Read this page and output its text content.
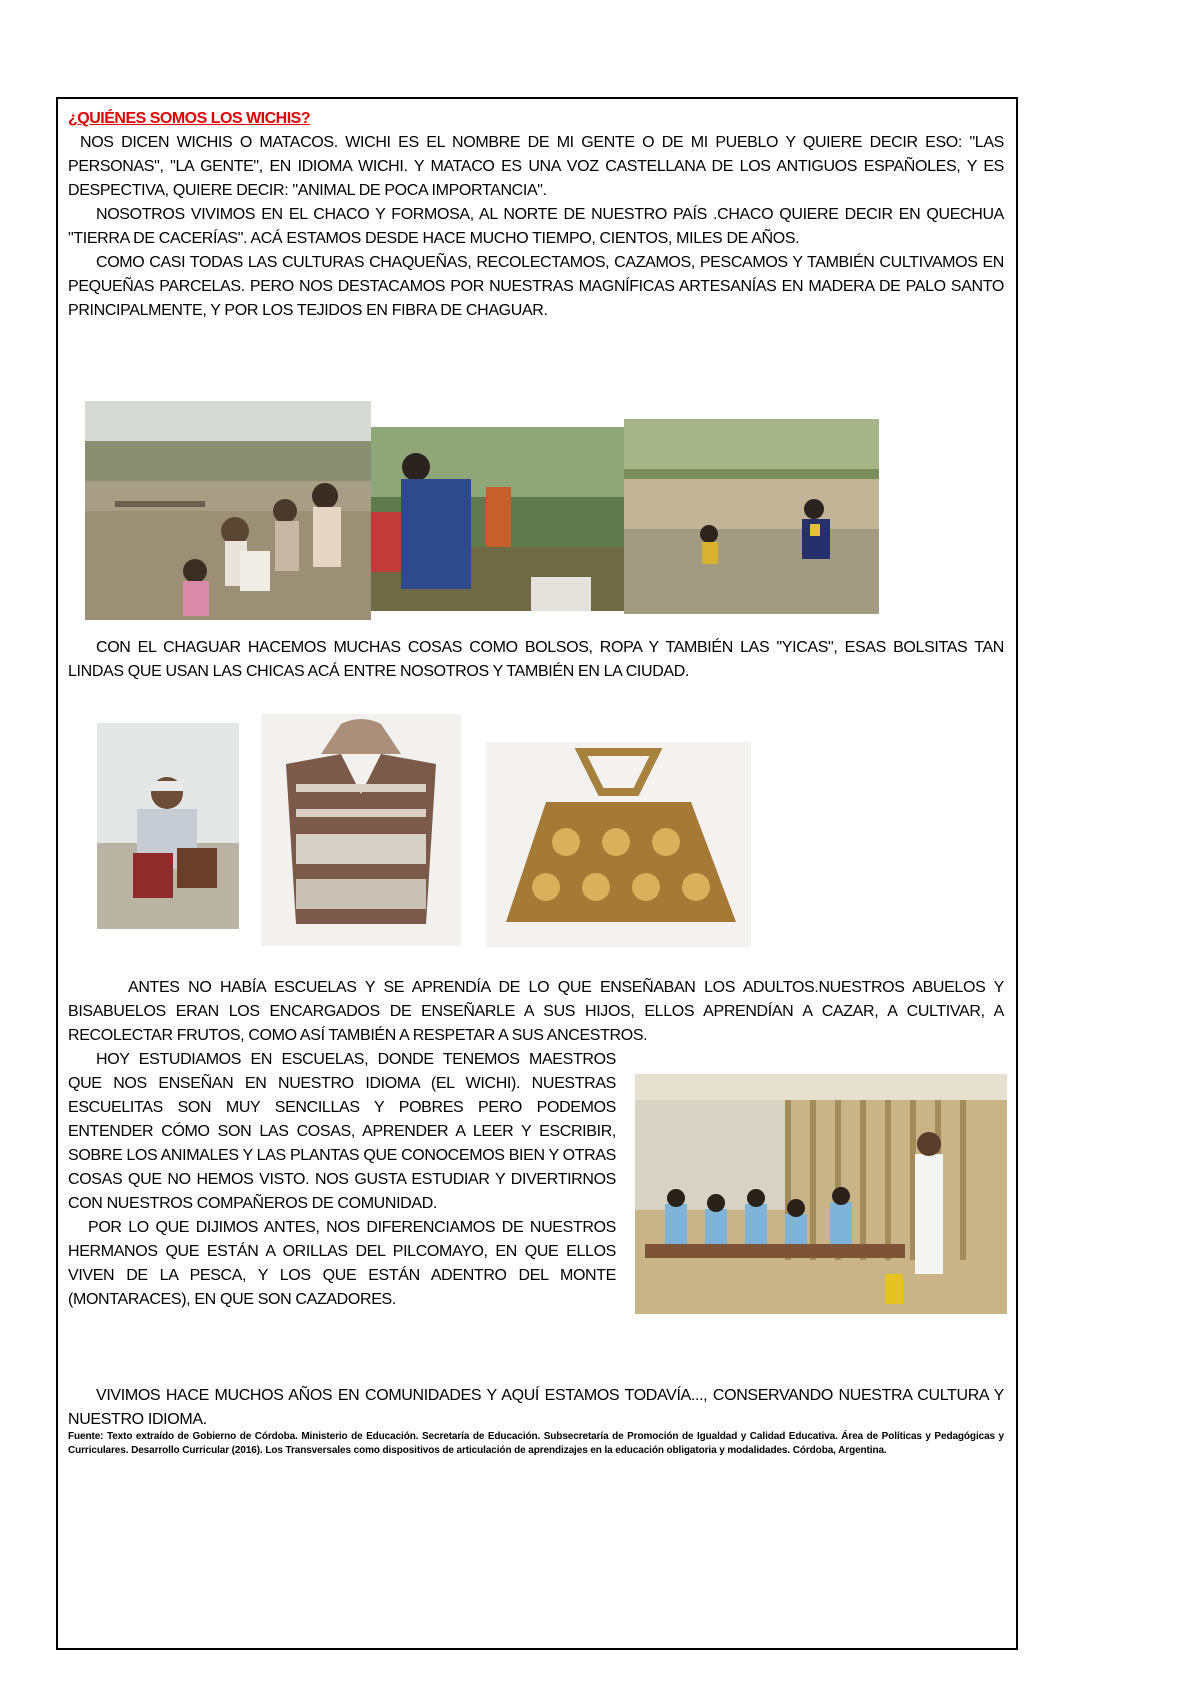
¿QUIÉNES SOMOS LOS WICHIS?

NOS DICEN WICHIS O MATACOS. WICHI ES EL NOMBRE DE MI GENTE O DE MI PUEBLO Y QUIERE DECIR ESO: "LAS PERSONAS", "LA GENTE", EN IDIOMA WICHI. Y MATACO ES UNA VOZ CASTELLANA DE LOS ANTIGUOS ESPAÑOLES, Y ES DESPECTIVA, QUIERE DECIR: "ANIMAL DE POCA IMPORTANCIA".

NOSOTROS VIVIMOS EN EL CHACO Y FORMOSA, AL NORTE DE NUESTRO PAÍS .CHACO QUIERE DECIR EN QUECHUA "TIERRA DE CACERÍAS". ACÁ ESTAMOS DESDE HACE MUCHO TIEMPO, CIENTOS, MILES DE AÑOS.

COMO CASI TODAS LAS CULTURAS CHAQUEÑAS, RECOLECTAMOS, CAZAMOS, PESCAMOS Y TAMBIÉN CULTIVAMOS EN PEQUEÑAS PARCELAS. PERO NOS DESTACAMOS POR NUESTRAS MAGNÍFICAS ARTESANÍAS EN MADERA DE PALO SANTO PRINCIPALMENTE, Y POR LOS TEJIDOS EN FIBRA DE CHAGUAR.

CON EL CHAGUAR HACEMOS MUCHAS COSAS COMO BOLSOS, ROPA Y TAMBIÉN LAS "YICAS", ESAS BOLSITAS TAN LINDAS QUE USAN LAS CHICAS ACÁ ENTRE NOSOTROS Y TAMBIÉN EN LA CIUDAD.

ANTES NO HABÍA ESCUELAS Y SE APRENDÍA DE LO QUE ENSEÑABAN LOS ADULTOS.NUESTROS ABUELOS Y BISABUELOS ERAN LOS ENCARGADOS DE ENSEÑARLE A SUS HIJOS, ELLOS APRENDÍAN A CAZAR, A CULTIVAR, A RECOLECTAR FRUTOS, COMO ASÍ TAMBIÉN A RESPETAR A SUS ANCESTROS.

HOY ESTUDIAMOS EN ESCUELAS, DONDE TENEMOS MAESTROS QUE NOS ENSEÑAN EN NUESTRO IDIOMA (EL WICHI). NUESTRAS ESCUELITAS SON MUY SENCILLAS Y POBRES PERO PODEMOS ENTENDER CÓMO SON LAS COSAS, APRENDER A LEER Y ESCRIBIR, SOBRE LOS ANIMALES Y LAS PLANTAS QUE CONOCEMOS BIEN Y OTRAS COSAS QUE NO HEMOS VISTO. NOS GUSTA ESTUDIAR Y DIVERTIRNOS CON NUESTROS COMPAÑEROS DE COMUNIDAD.

POR LO QUE DIJIMOS ANTES, NOS DIFERENCIAMOS DE NUESTROS HERMANOS QUE ESTÁN A ORILLAS DEL PILCOMAYO, EN QUE ELLOS VIVEN DE LA PESCA, Y LOS QUE ESTÁN ADENTRO DEL MONTE (MONTARACES), EN QUE SON CAZADORES.

VIVIMOS HACE MUCHOS AÑOS EN COMUNIDADES Y AQUÍ ESTAMOS TODAVÍA..., CONSERVANDO NUESTRA CULTURA Y NUESTRO IDIOMA.

Fuente: Texto extraído de Gobierno de Córdoba. Ministerio de Educación. Secretaría de Educación. Subsecretaría de Promoción de Igualdad y Calidad Educativa. Área de Políticas y Pedagógicas y Curriculares. Desarrollo Curricular (2016). Los Transversales como dispositivos de articulación de aprendizajes en la educación obligatoria y modalidades. Córdoba, Argentina.
